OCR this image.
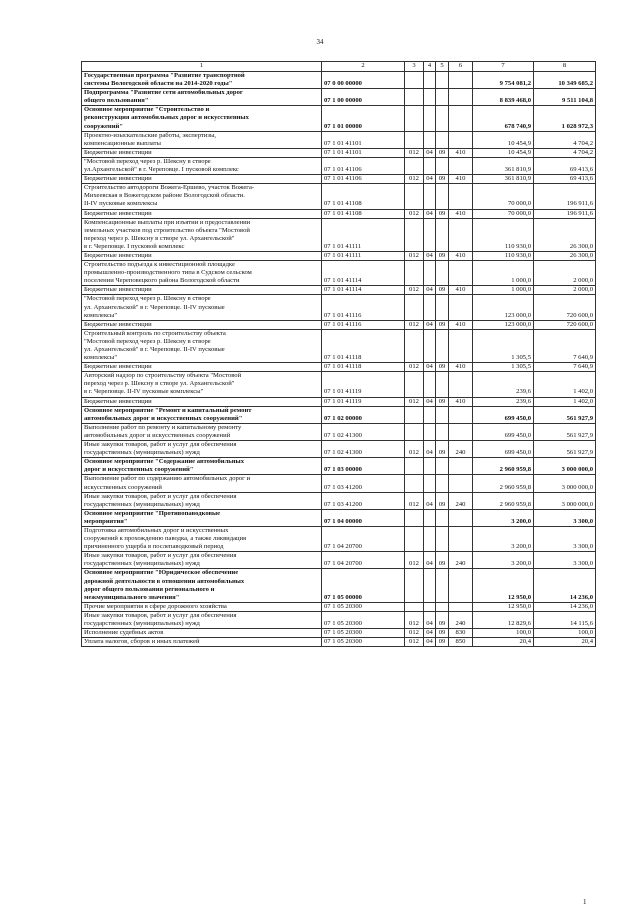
34
1	2	3	4	5	6	7	8
Государственная программа "Развитие транспортной
системы Вологодской области на 2014-2020 годы"	07 0 00 00000					9 754 081,2	10 349 685,2
Подпрограмма "Развитие сети автомобильных дорог
общего пользования"	07 1 00 00000					8 839 468,0	9 511 104,8
Основное мероприятие "Строительство и
реконструкция автомобильных дорог и искусственных
сооружений"	07 1 01 00000					678 740,9	1 028 972,3
Проектно-изыскательские работы, экспертизы,
компенсационные выплаты	07 1 01 41101					10 454,9	4 704,2
Бюджетные инвестиции	07 1 01 41101	012	04	09	410	10 454,9	4 704,2
"Мостовой переход через р. Шексну в створе
ул.Архангельской" в г. Череповце. I пусковой комплекс	07 1 01 41106					361 810,9	69 413,6
Бюджетные инвестиции	07 1 01 41106	012	04	09	410	361 810,9	69 413,6
Строительство автодороги Вожега-Ершево, участок Вожега-
Михеевская в Вожегодском районе Вологодской области.
II-IV пусковые комплексы	07 1 01 41108					70 000,0	196 911,6
Бюджетные инвестиции	07 1 01 41108	012	04	09	410	70 000,0	196 911,6
Компенсационные выплаты при изъятии и предоставлении
земельных участков под строительство объекта "Мостовой
переход через р. Шексну в створе ул. Архангельской"
в г. Череповце. I пусковой комплекс	07 1 01 41111					110 930,0	26 300,0
Бюджетные инвестиции	07 1 01 41111	012	04	09	410	110 930,0	26 300,0
Строительство подъезда к инвестиционной площадке
промышленно-производственного типа в Судском сельском
поселении Череповецкого района Вологодской области	07 1 01 41114					1 000,0	2 000,0
Бюджетные инвестиции	07 1 01 41114	012	04	09	410	1 000,0	2 000,0
"Мостовой переход через р. Шексну в створе
ул. Архангельской" в г. Череповце. II-IV пусковые
комплексы"	07 1 01 41116					123 000,0	720 600,0
Бюджетные инвестиции	07 1 01 41116	012	04	09	410	123 000,0	720 600,0
Строительный контроль по строительству объекта
"Мостовой переход через р. Шексну в створе
ул. Архангельской" в г. Череповце. II-IV пусковые
комплексы"	07 1 01 41118					1 305,5	7 640,9
Бюджетные инвестиции	07 1 01 41118	012	04	09	410	1 305,5	7 640,9
Авторский надзор по строительству объекта "Мостовой
переход через р. Шексну в створе ул. Архангельской"
в г. Череповце. II-IV пусковые комплексы"	07 1 01 41119					239,6	1 402,0
Бюджетные инвестиции	07 1 01 41119	012	04	09	410	239,6	1 402,0
Основное мероприятие "Ремонт и капитальный ремонт
автомобильных дорог и искусственных сооружений"	07 1 02 00000					699 450,0	561 927,9
Выполнение работ по ремонту и капитальному ремонту
автомобильных дорог и искусственных сооружений	07 1 02 41300					699 450,0	561 927,9
Иные закупки товаров, работ и услуг для обеспечения
государственных (муниципальных) нужд	07 1 02 41300	012	04	09	240	699 450,0	561 927,9
Основное мероприятие "Содержание автомобильных
дорог и искусственных сооружений"	07 1 03 00000					2 960 959,8	3 000 000,0
Выполнение работ по содержанию автомобильных дорог и
искусственных сооружений	07 1 03 41200					2 960 959,8	3 000 000,0
Иные закупки товаров, работ и услуг для обеспечения
государственных (муниципальных) нужд	07 1 03 41200	012	04	09	240	2 960 959,8	3 000 000,0
Основное мероприятие "Противопаводковые
мероприятия"	07 1 04 00000					3 200,0	3 300,0
Подготовка автомобильных дорог и искусственных
сооружений к прохождению паводка, а также ликвидация
причиненного ущерба в послепаводковый период	07 1 04 20700					3 200,0	3 300,0
Иные закупки товаров, работ и услуг для обеспечения
государственных (муниципальных) нужд	07 1 04 20700	012	04	09	240	3 200,0	3 300,0
Основное мероприятие "Юридическое обеспечение
дорожной деятельности в отношении автомобильных
дорог общего пользования регионального и
межмуниципального значения"	07 1 05 00000					12 950,0	14 236,0
Прочие мероприятия в сфере дорожного хозяйства	07 1 05 20300					12 950,0	14 236,0
Иные закупки товаров, работ и услуг для обеспечения
государственных (муниципальных) нужд	07 1 05 20300	012	04	09	240	12 829,6	14 115,6
Исполнение судебных актов	07 1 05 20300	012	04	09	830	100,0	100,0
Уплата налогов, сборов и иных платежей	07 1 05 20300	012	04	09	850	20,4	20,4
1
